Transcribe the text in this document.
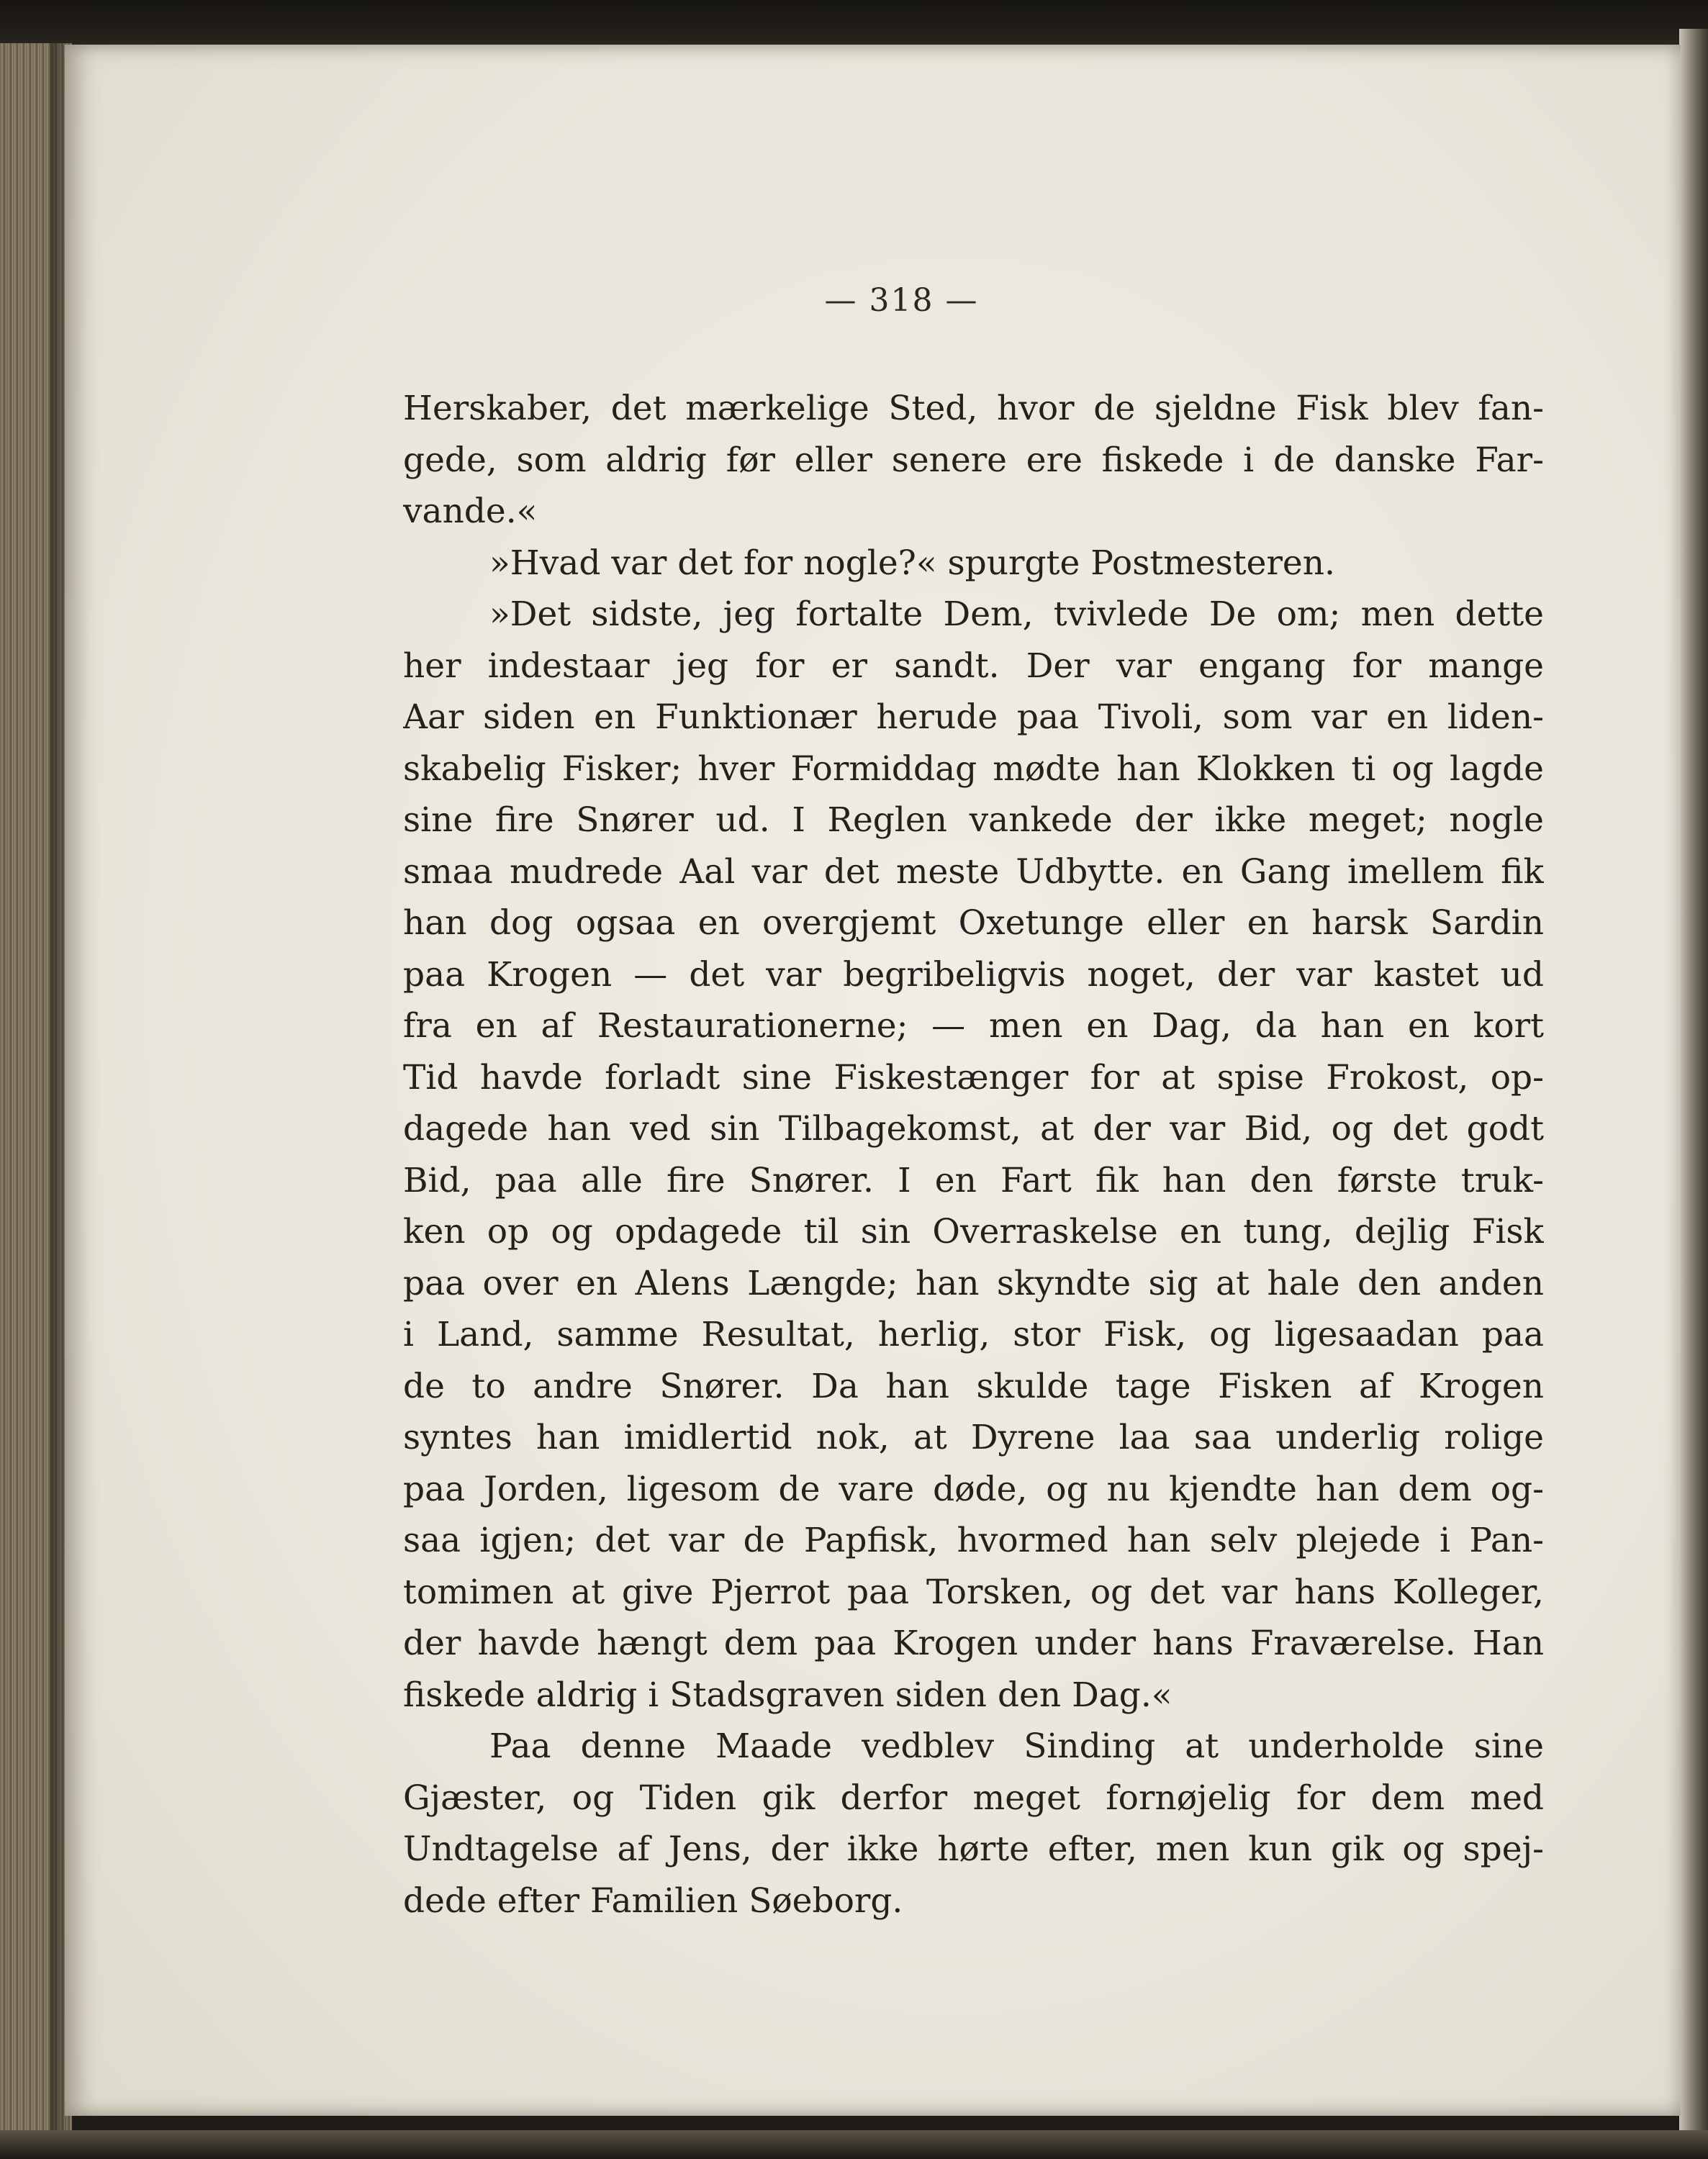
— 318 —
Herskaber, det mærkelige Sted, hvor de sjeldne Fisk blev fan-
gede, som aldrig før eller senere ere fiskede i de danske Far-
vande.«
»Hvad var det for nogle?« spurgte Postmesteren.
»Det sidste, jeg fortalte Dem, tvivlede De om; men dette
her indestaar jeg for er sandt. Der var engang for mange
Aar siden en Funktionær herude paa Tivoli, som var en liden-
skabelig Fisker; hver Formiddag mødte han Klokken ti og lagde
sine fire Snører ud. I Reglen vankede der ikke meget; nogle
smaa mudrede Aal var det meste Udbytte. en Gang imellem fik
han dog ogsaa en overgjemt Oxetunge eller en harsk Sardin
paa Krogen — det var begribeligvis noget, der var kastet ud
fra en af Restaurationerne; — men en Dag, da han en kort
Tid havde forladt sine Fiskestænger for at spise Frokost, op-
dagede han ved sin Tilbagekomst, at der var Bid, og det godt
Bid, paa alle fire Snører. I en Fart fik han den første truk-
ken op og opdagede til sin Overraskelse en tung, dejlig Fisk
paa over en Alens Længde; han skyndte sig at hale den anden
i Land, samme Resultat, herlig, stor Fisk, og ligesaadan paa
de to andre Snører. Da han skulde tage Fisken af Krogen
syntes han imidlertid nok, at Dyrene laa saa underlig rolige
paa Jorden, ligesom de vare døde, og nu kjendte han dem og-
saa igjen; det var de Papfisk, hvormed han selv plejede i Pan-
tomimen at give Pjerrot paa Torsken, og det var hans Kolleger,
der havde hængt dem paa Krogen under hans Fraværelse. Han
fiskede aldrig i Stadsgraven siden den Dag.«
Paa denne Maade vedblev Sinding at underholde sine
Gjæster, og Tiden gik derfor meget fornøjelig for dem med
Undtagelse af Jens, der ikke hørte efter, men kun gik og spej-
dede efter Familien Søeborg.
